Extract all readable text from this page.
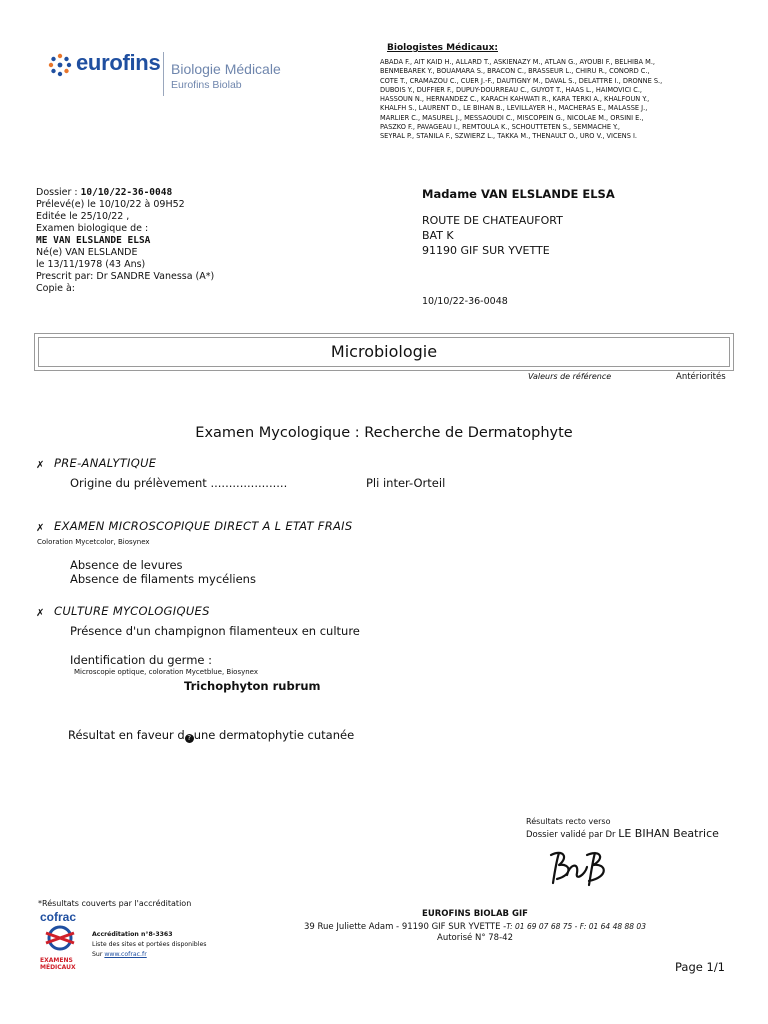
eurofins Biologie Médicale
Eurofins Biolab
Biologistes Médicaux:
ABADA F., AIT KAID H., ALLARD T., ASKIENAZY M., ATLAN G., AYOUBI F., BELHIBA M.,
BENMEBAREK Y., BOUAMARA S., BRACON C., BRASSEUR L., CHIRU R., CONORD C.,
COTE T., CRAMAZOU C., CUER J.-F., DAUTIGNY M., DAVAL S., DELATTRE I., DRONNE S.,
DUBOIS Y., DUFFIER F., DUPUY-DOURREAU C., GUYOT T., HAAS L., HAIMOVICI C.,
HASSOUN N., HERNANDEZ C., KARACH KAHWATI R., KARA TERKI A., KHALFOUN Y.,
KHALFH S., LAURENT D., LE BIHAN B., LEVILLAYER H., MACHERAS E., MALASSE J.,
MARLIER C., MASUREL J., MESSAOUDI C., MISCOPEIN G., NICOLAE M., ORSINI E.,
PASZKO F., PAVAGEAU I., REMTOULA K., SCHOUTTETEN S., SEMMACHE Y.,
SEYRAL P., STANILA F., SZWIERZ L., TAKKA M., THENAULT O., URO V., VICENS I.
Dossier : 10/10/22-36-0048
Prélevé(e) le 10/10/22 à 09H52
Editée le 25/10/22 ,
Examen biologique de :
ME VAN ELSLANDE ELSA
Né(e) VAN ELSLANDE
le 13/11/1978 (43 Ans)
Prescrit par: Dr SANDRE Vanessa (A*)
Copie à:
Madame VAN ELSLANDE ELSA
ROUTE DE CHATEAUFORT
BAT K
91190 GIF SUR YVETTE
10/10/22-36-0048
Microbiologie
Valeurs de référence	Antériorités
Examen Mycologique : Recherche de Dermatophyte
✗ PRE-ANALYTIQUE
Origine du prélèvement .....................	Pli inter-Orteil
✗ EXAMEN MICROSCOPIQUE DIRECT A L ETAT FRAIS
Coloration Mycetcolor, Biosynex
Absence de levures
Absence de filaments mycéliens
✗ CULTURE MYCOLOGIQUES
Présence d'un champignon filamenteux en culture
Identification du germe :
Microscopie optique, coloration Mycetblue, Biosynex
Trichophyton rubrum
Résultat en faveur d ? une dermatophytie cutanée
Résultats recto verso
Dossier validé par Dr LE BIHAN Beatrice
*Résultats couverts par l'accréditation
cofrac
EXAMENS
MÉDICAUX
Accréditation n°8-3363
Liste des sites et portées disponibles
Sur www.cofrac.fr
EUROFINS BIOLAB GIF
39 Rue Juliette Adam - 91190 GIF SUR YVETTE -T: 01 69 07 68 75 - F: 01 64 48 88 03
Autorisé N° 78-42
Page 1/1
